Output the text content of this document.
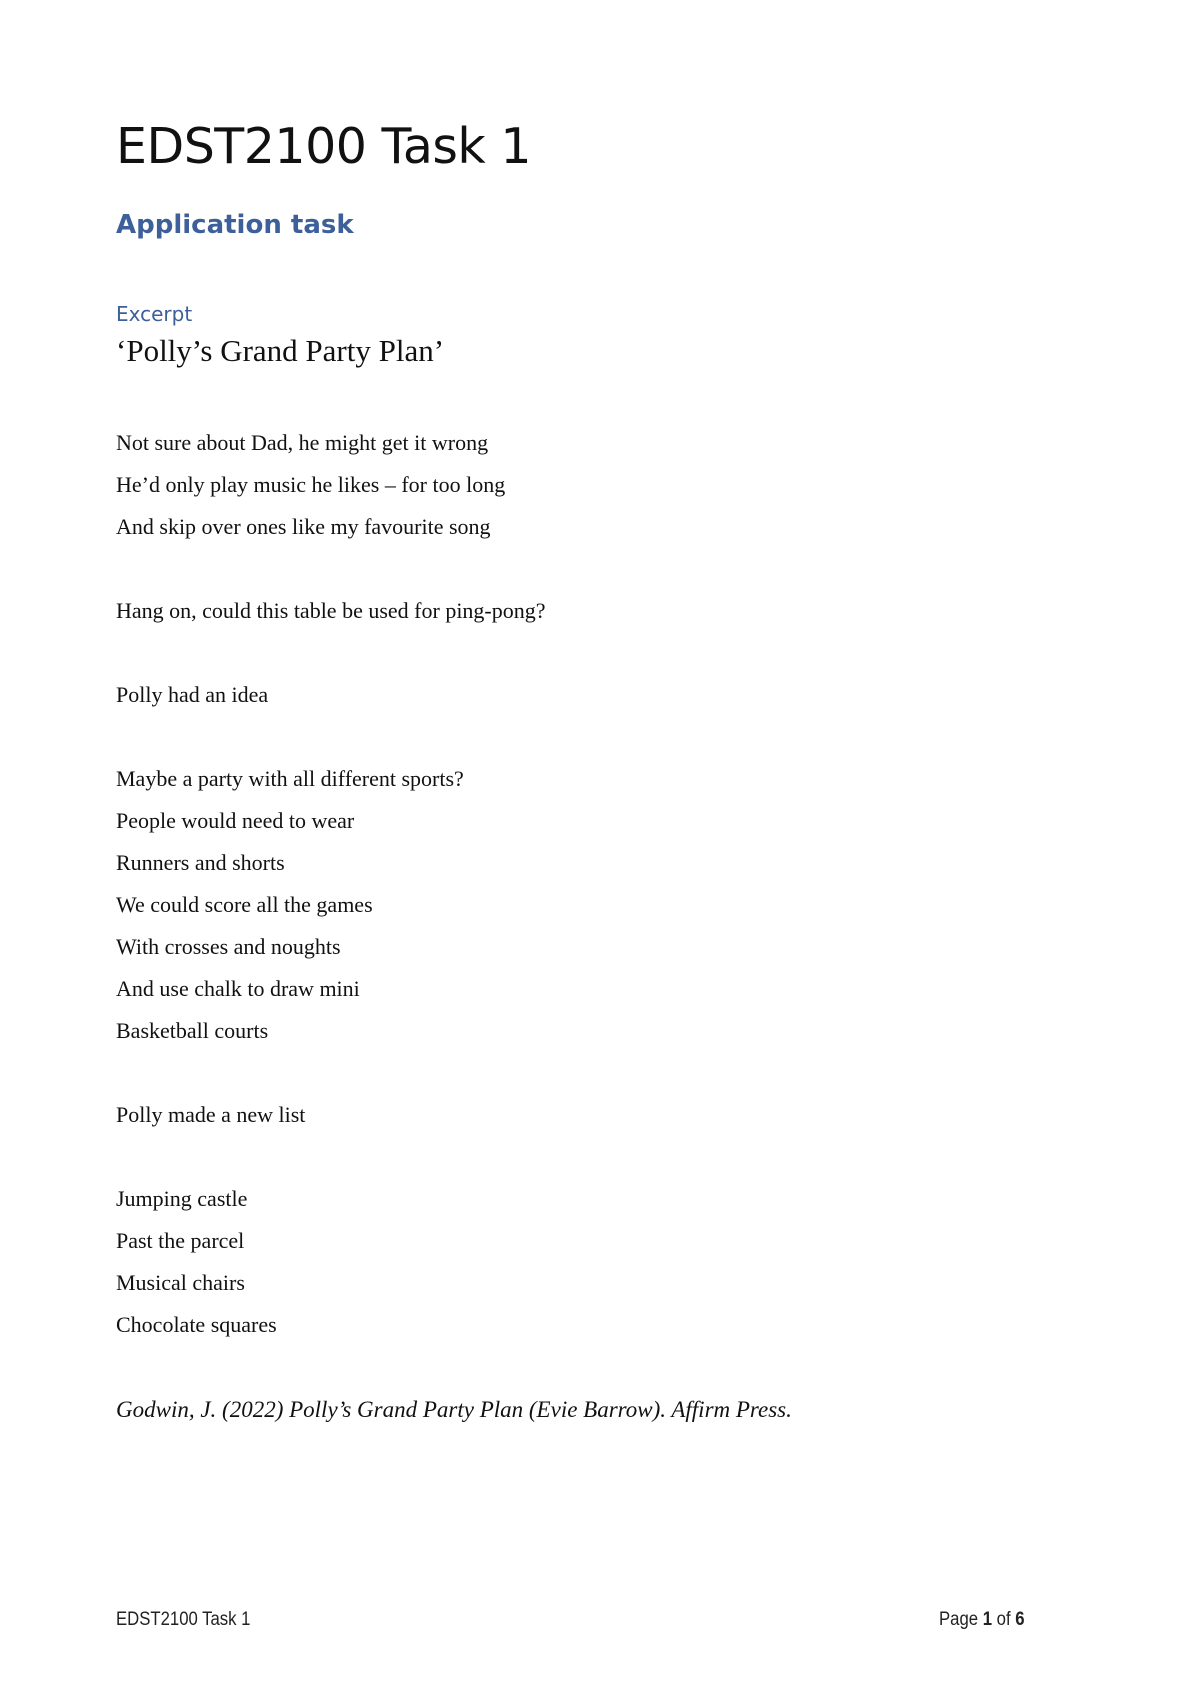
EDST2100 Task 1
Application task
Excerpt
‘Polly’s Grand Party Plan’
Not sure about Dad, he might get it wrong
He’d only play music he likes – for too long
And skip over ones like my favourite song
Hang on, could this table be used for ping-pong?
Polly had an idea
Maybe a party with all different sports?
People would need to wear
Runners and shorts
We could score all the games
With crosses and noughts
And use chalk to draw mini
Basketball courts
Polly made a new list
Jumping castle
Past the parcel
Musical chairs
Chocolate squares
Godwin, J. (2022) Polly’s Grand Party Plan (Evie Barrow). Affirm Press.
EDST2100 Task 1	Page 1 of 6
